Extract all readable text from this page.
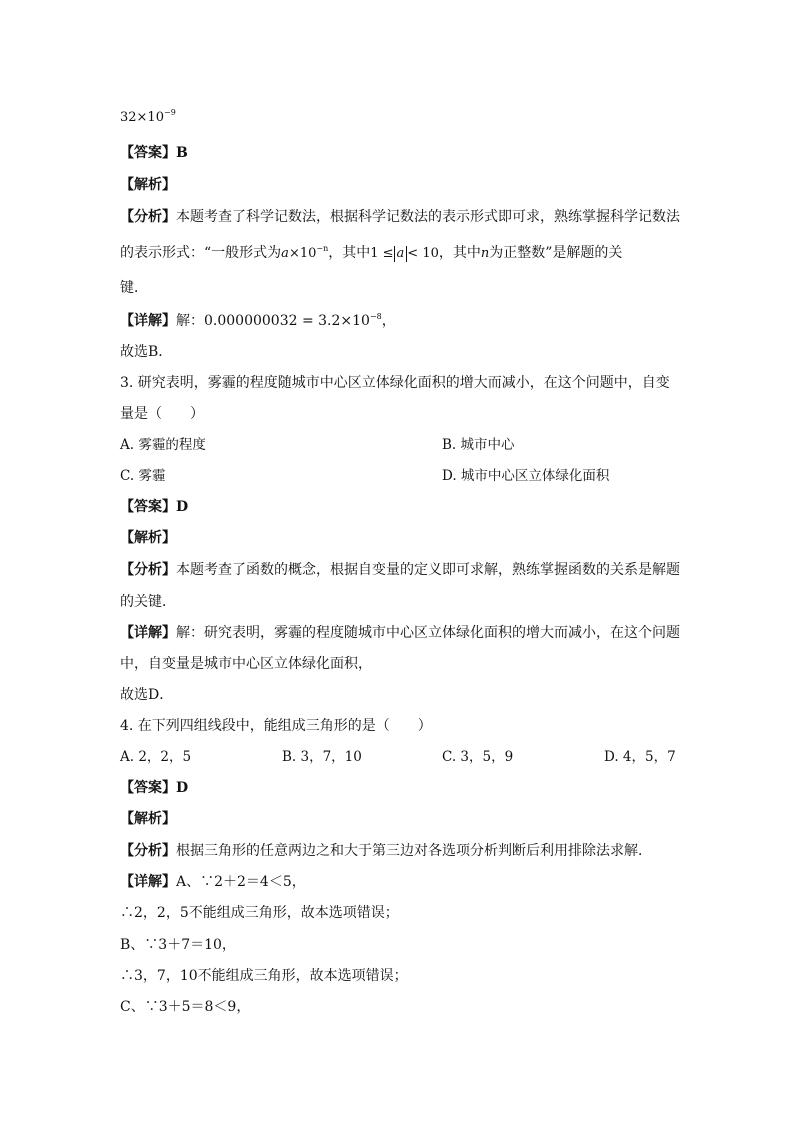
$32\times 10^{-9}$
【答案】B
【解析】
【分析】本题考查了科学记数法，根据科学记数法的表示形式即可求，熟练掌握科学记数法
的表示形式：“一般形式为$a\times 10^{-n}$，其中1 ≤ a < 10，其中n为正整数”是解题的关
键．
【详解】解：$0.000000032 = 3.2\times 10^{-8}$，
故选B．
3. 研究表明，雾霾的程度随城市中心区立体绿化面积的增大而减小，在这个问题中，自变
量是（　　）
A. 雾霾的程度	B. 城市中心
C. 雾霾	D. 城市中心区立体绿化面积
【答案】D
【解析】
【分析】本题考查了函数的概念，根据自变量的定义即可求解，熟练掌握函数的关系是解题
的关键．
【详解】解：研究表明，雾霾的程度随城市中心区立体绿化面积的增大而减小，在这个问题
中，自变量是城市中心区立体绿化面积，
故选D．
4. 在下列四组线段中，能组成三角形的是（　　）
A. 2，2，5	B. 3，7，10	C. 3，5，9	D. 4，5，7
【答案】D
【解析】
【分析】根据三角形的任意两边之和大于第三边对各选项分析判断后利用排除法求解．
【详解】A、∵2＋2＝4＜5，
∴2，2，5不能组成三角形，故本选项错误；
B、∵3＋7＝10，
∴3，7，10不能组成三角形，故本选项错误；
C、∵3＋5＝8＜9，
